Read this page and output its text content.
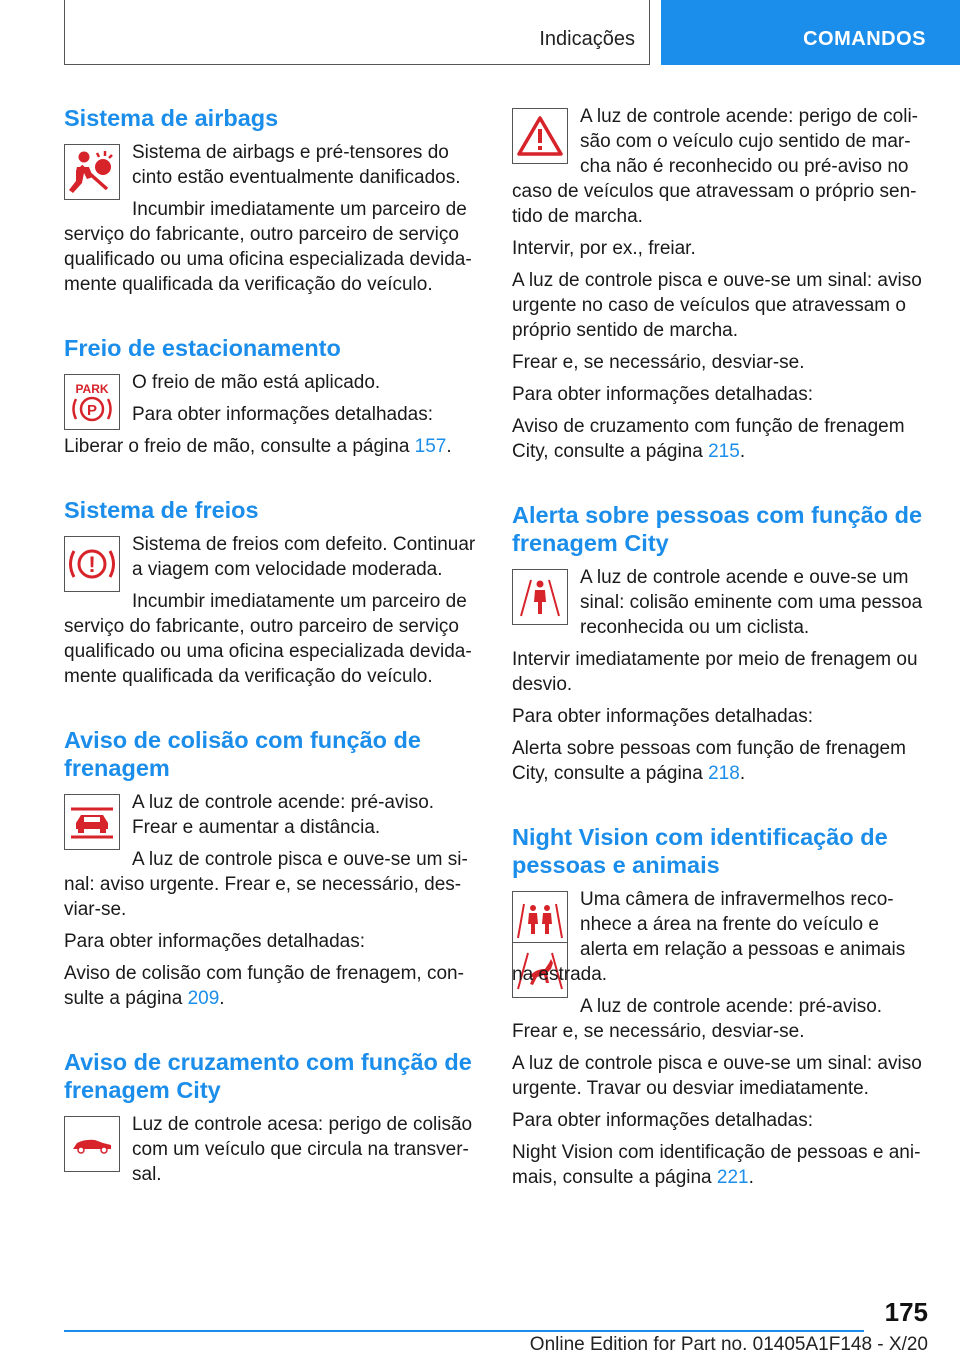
Indicações	COMANDOS
Sistema de airbags

Sistema de airbags e pré-tensores do cinto estão eventualmente danificados.

Incumbir imediatamente um parceiro de serviço do fabricante, outro parceiro de serviço qualificado ou uma oficina especializada devidamente qualificada da verificação do veículo.

Freio de estacionamento
PARK
P

O freio de mão está aplicado.

Para obter informações detalhadas:

Liberar o freio de mão, consulte a página 157.

Sistema de freios
!

Sistema de freios com defeito. Continuar a viagem com velocidade moderada.

Incumbir imediatamente um parceiro de serviço do fabricante, outro parceiro de serviço qualificado ou uma oficina especializada devidamente qualificada da verificação do veículo.

Aviso de colisão com função de frenagem

A luz de controle acende: pré-aviso. Frear e aumentar a distância.

A luz de controle pisca e ouve-se um sinal: aviso urgente. Frear e, se necessário, desviar-se.

Para obter informações detalhadas:

Aviso de colisão com função de frenagem, consulte a página 209.

Aviso de cruzamento com função de frenagem City

Luz de controle acesa: perigo de colisão com um veículo que circula na transversal.

A luz de controle acende: perigo de colisão com o veículo cujo sentido de marcha não é reconhecido ou pré-aviso no caso de veículos que atravessam o próprio sentido de marcha.

Intervir, por ex., freiar.

A luz de controle pisca e ouve-se um sinal: aviso urgente no caso de veículos que atravessam o próprio sentido de marcha.

Frear e, se necessário, desviar-se.

Para obter informações detalhadas:

Aviso de cruzamento com função de frenagem City, consulte a página 215.

Alerta sobre pessoas com função de frenagem City

A luz de controle acende e ouve-se um sinal: colisão eminente com uma pessoa reconhecida ou um ciclista.

Intervir imediatamente por meio de frenagem ou desvio.

Para obter informações detalhadas:

Alerta sobre pessoas com função de frenagem City, consulte a página 218.

Night Vision com identificação de pessoas e animais

Uma câmera de infravermelhos reconhece a área na frente do veículo e alerta em relação a pessoas e animais na estrada.

A luz de controle acende: pré-aviso. Frear e, se necessário, desviar-se.

A luz de controle pisca e ouve-se um sinal: aviso urgente. Travar ou desviar imediatamente.

Para obter informações detalhadas:

Night Vision com identificação de pessoas e animais, consulte a página 221.

175
Online Edition for Part no. 01405A1F148 - X/20
